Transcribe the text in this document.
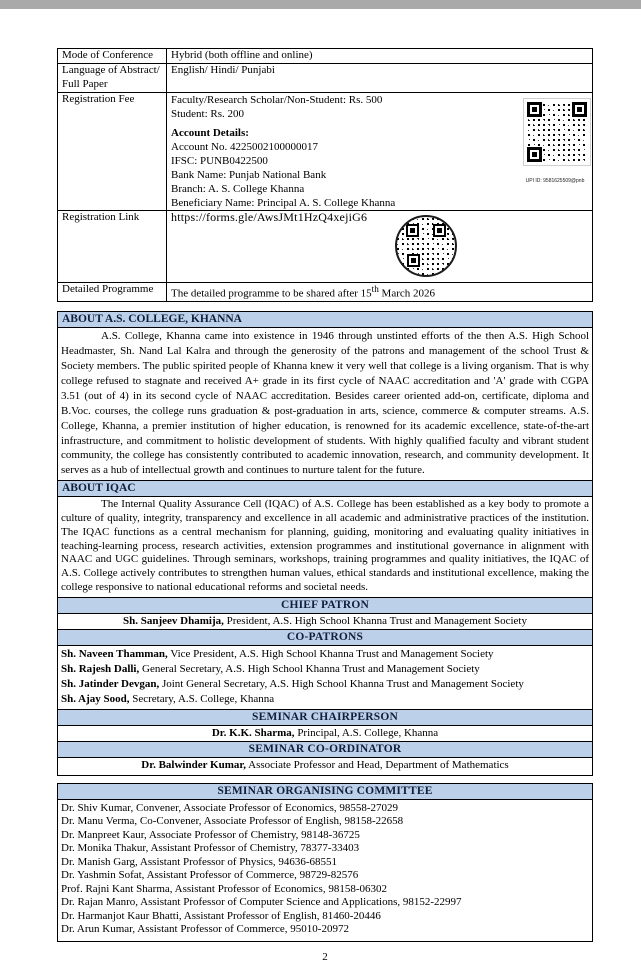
Mode of Conference	Hybrid (both offline and online)
Language of Abstract/ Full Paper	English/ Hindi/ Punjabi
Registration Fee	Faculty/Research Scholar/Non-Student: Rs. 500
Student: Rs. 200
Account Details:
Account No. 4225002100000017
IFSC: PUNB0422500
Bank Name: Punjab National Bank
Branch: A. S. College Khanna
Beneficiary Name: Principal A. S. College Khanna
UPI ID: 9581625509@pnb

Registration Link	https://forms.gle/AwsJMt1HzQ4xejiG6

Detailed Programme	The detailed programme to be shared after 15th March 2026
ABOUT A.S. COLLEGE, KHANNA

A.S. College, Khanna came into existence in 1946 through unstinted efforts of the then A.S. High School Headmaster, Sh. Nand Lal Kalra and through the generosity of the patrons and management of the school Trust & Society members. The public spirited people of Khanna knew it very well that college is a living organism. That is why college refused to stagnate and received A+ grade in its first cycle of NAAC accreditation and 'A' grade with CGPA 3.51 (out of 4) in its second cycle of NAAC accreditation. Besides career oriented add-on, certificate, diploma and B.Voc. courses, the college runs graduation & post-graduation in arts, science, commerce & computer streams. A.S. College, Khanna, a premier institution of higher education, is renowned for its academic excellence, state-of-the-art infrastructure, and commitment to holistic development of students. With highly qualified faculty and vibrant student community, the college has consistently contributed to academic innovation, research, and community development. It serves as a hub of intellectual growth and continues to nurture talent for the future.

ABOUT IQAC

The Internal Quality Assurance Cell (IQAC) of A.S. College has been established as a key body to promote a culture of quality, integrity, transparency and excellence in all academic and administrative practices of the institution. The IQAC functions as a central mechanism for planning, guiding, monitoring and evaluating quality initiatives in teaching-learning process, research activities, extension programmes and institutional governance in alignment with NAAC and UGC guidelines. Through seminars, workshops, training programmes and quality initiatives, the IQAC of A.S. College actively contributes to strengthen human values, ethical standards and institutional excellence, making the college responsive to national educational reforms and societal needs.

CHIEF PATRON
Sh. Sanjeev Dhamija, President, A.S. High School Khanna Trust and Management Society
CO-PATRONS
Sh. Naveen Thamman, Vice President, A.S. High School Khanna Trust and Management Society
Sh. Rajesh Dalli, General Secretary, A.S. High School Khanna Trust and Management Society
Sh. Jatinder Devgan, Joint General Secretary, A.S. High School Khanna Trust and Management Society
Sh. Ajay Sood, Secretary, A.S. College, Khanna
SEMINAR CHAIRPERSON
Dr. K.K. Sharma, Principal, A.S. College, Khanna
SEMINAR CO-ORDINATOR
Dr. Balwinder Kumar, Associate Professor and Head, Department of Mathematics
SEMINAR ORGANISING COMMITTEE
Dr. Shiv Kumar, Convener, Associate Professor of Economics, 98558-27029
Dr. Manu Verma, Co-Convener, Associate Professor of English, 98158-22658
Dr. Manpreet Kaur, Associate Professor of Chemistry, 98148-36725
Dr. Monika Thakur, Assistant Professor of Chemistry, 78377-33403
Dr. Manish Garg, Assistant Professor of Physics, 94636-68551
Dr. Yashmin Sofat, Assistant Professor of Commerce, 98729-82576
Prof. Rajni Kant Sharma, Assistant Professor of Economics, 98158-06302
Dr. Rajan Manro, Assistant Professor of Computer Science and Applications, 98152-22997
Dr. Harmanjot Kaur Bhatti, Assistant Professor of English, 81460-20446
Dr. Arun Kumar, Assistant Professor of Commerce, 95010-20972
2
